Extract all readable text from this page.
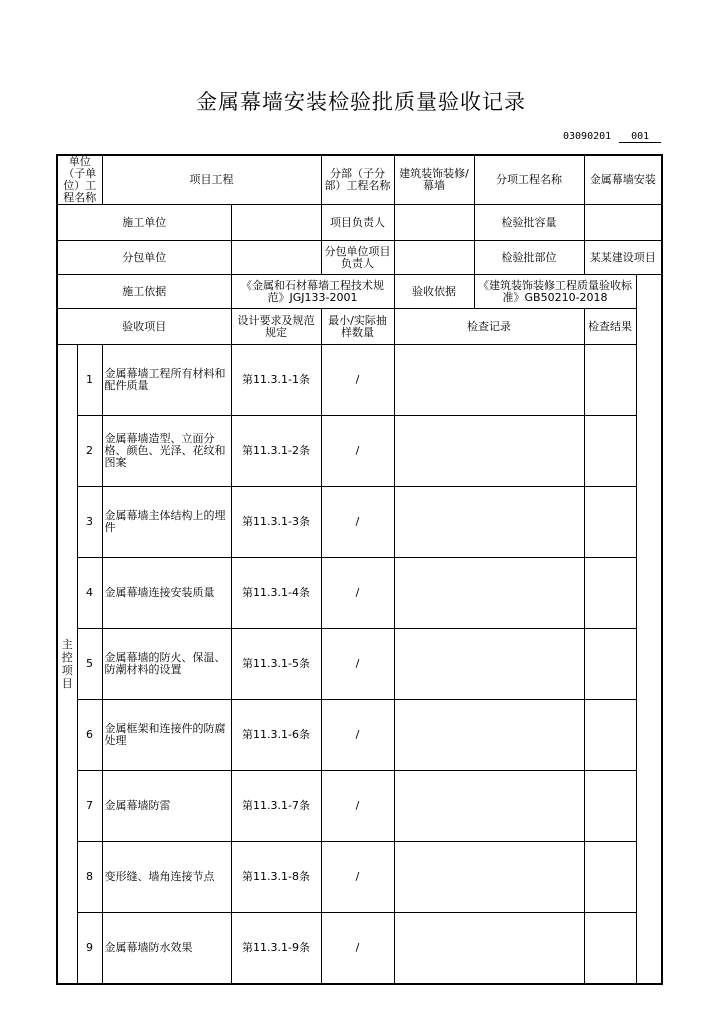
金属幕墙安装检验批质量验收记录
03090201 001
单位（子单位）工程名称		项目工程		分部（子分部）工程名称	建筑装饰装修/幕墙	分项工程名称	金属幕墙安装
施工单位				项目负责人		检验批容量	
分包单位				分包单位项目负责人		检验批部位	某某建设项目
施工依据			《金属和石材幕墙工程技术规范》JGJ133-2001		验收依据	《建筑装饰装修工程质量验收标准》GB50210-2018	
验收项目			设计要求及规范规定	最小/实际抽样数量	检查记录		检查结果

主
控
项
目	1	金属幕墙工程所有材料和配件质量	第11.3.1-1条	/			
	2	金属幕墙造型、立面分格、颜色、光泽、花纹和图案	第11.3.1-2条	/			
	3	金属幕墙主体结构上的埋件	第11.3.1-3条	/			
	4	金属幕墙连接安装质量	第11.3.1-4条	/			
	5	金属幕墙的防火、保温、防潮材料的设置	第11.3.1-5条	/			
	6	金属框架和连接件的防腐处理	第11.3.1-6条	/			
	7	金属幕墙防雷	第11.3.1-7条	/			
	8	变形缝、墙角连接节点	第11.3.1-8条	/			
	9	金属幕墙防水效果	第11.3.1-9条	/			
